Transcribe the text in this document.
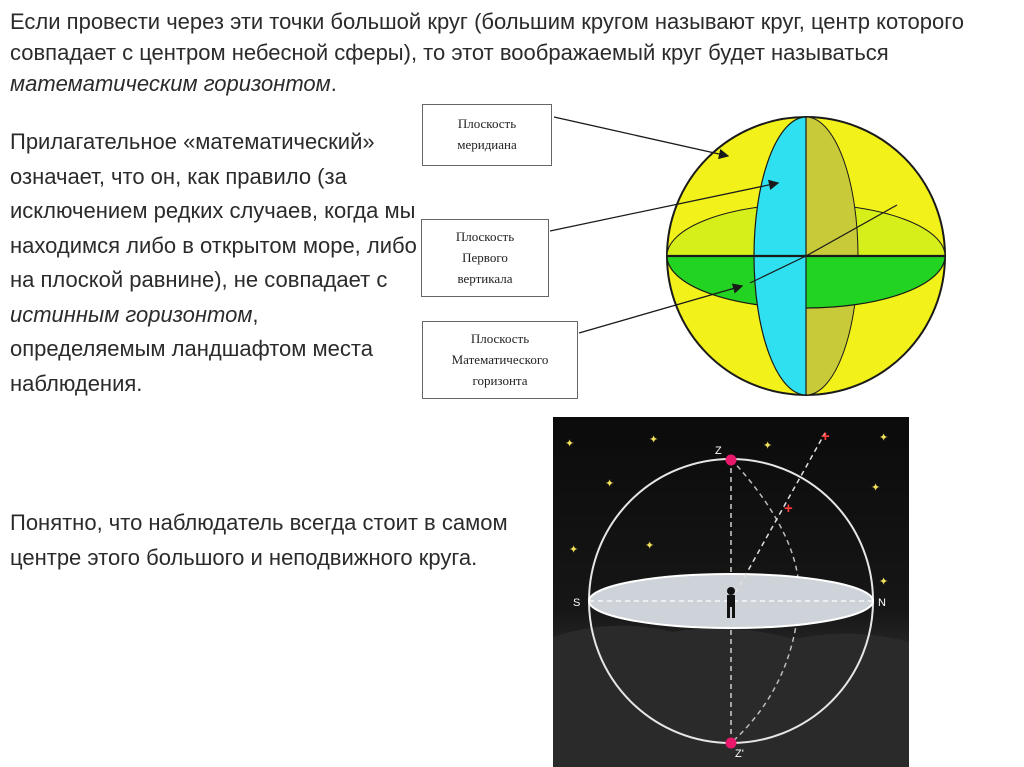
Если провести через эти точки большой круг (большим кругом называют круг, центр которого совпадает с центром небесной сферы), то этот воображаемый круг будет называться математическим горизонтом.

Прилагательное «математический» означает, что он, как правило (за исключением редких случаев, когда мы находимся либо в открытом море, либо на плоской равнине), не совпадает с истинным горизонтом, определяемым ландшафтом места наблюдения.

Понятно, что наблюдатель всегда стоит в самом центре этого большого и неподвижного круга.

Плоскость
меридиана
Плоскость
Первого
вертикала
Плоскость
Математического
горизонта
✦	✦	✦
✦
✦	✦
✦	✦
✦
+
+
Z
Z'
S	N
